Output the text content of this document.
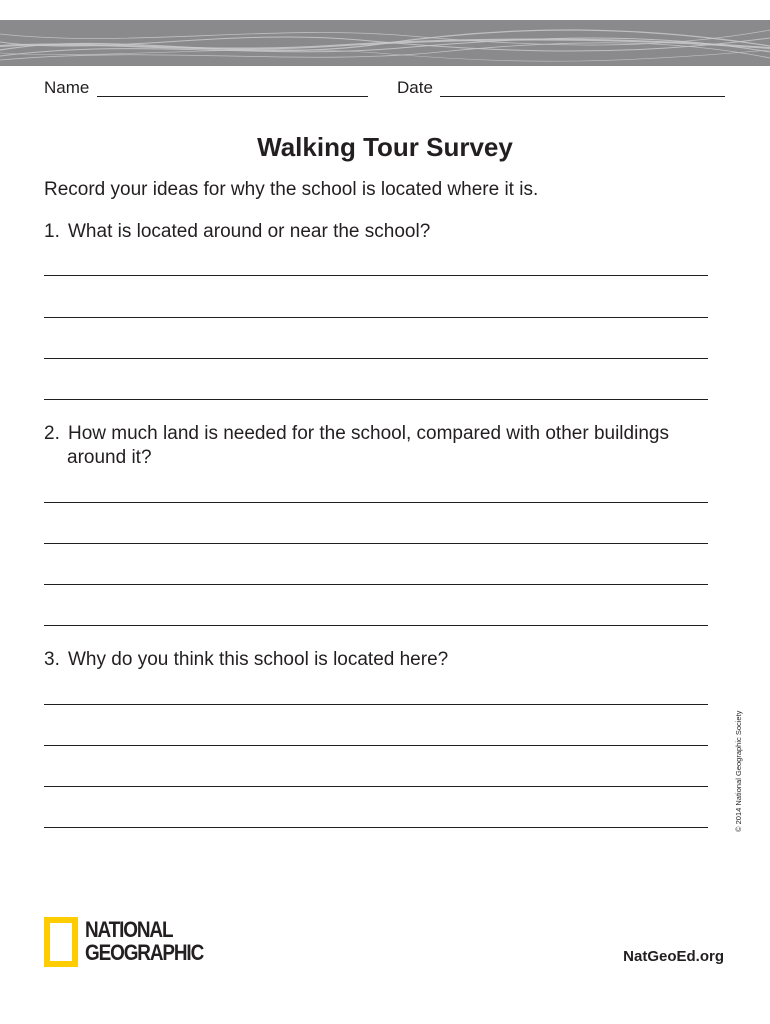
Name	Date
Walking Tour Survey
Record your ideas for why the school is located where it is.
1. What is located around or near the school?
2. How much land is needed for the school, compared with other buildings
around it?
3. Why do you think this school is located here?
© 2014 National Geographic Society
NATIONAL
GEOGRAPHIC	NatGeoEd.org
